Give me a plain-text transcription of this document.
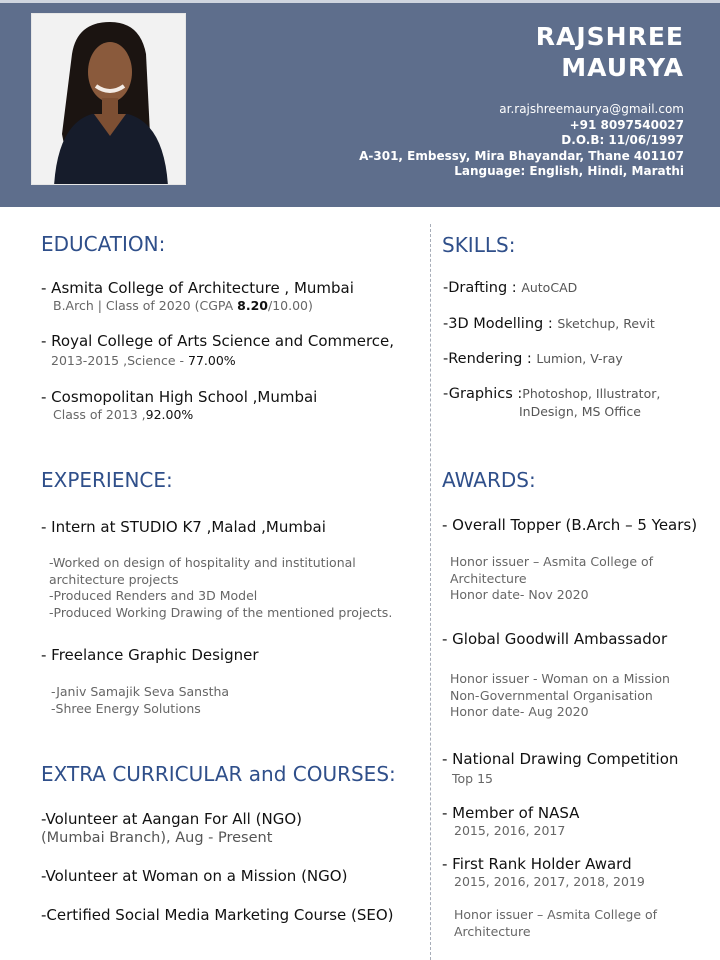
RAJSHREE
MAURYA
ar.rajshreemaurya@gmail.com
+91 8097540027
D.O.B: 11/06/1997
A-301, Embessy, Mira Bhayandar, Thane 401107
Language: English, Hindi, Marathi
EDUCATION:
- Asmita College of Architecture , Mumbai
B.Arch | Class of 2020 (CGPA 8.20/10.00)
- Royal College of Arts Science and Commerce,
2013-2015 ,Science - 77.00%
- Cosmopolitan High School ,Mumbai
Class of 2013 ,92.00%
SKILLS:
-Drafting : AutoCAD
-3D Modelling : Sketchup, Revit
-Rendering : Lumion, V-ray
-Graphics :Photoshop, Illustrator,
InDesign, MS Office
EXPERIENCE:
- Intern at STUDIO K7 ,Malad ,Mumbai
-Worked on design of hospitality and institutional
architecture projects
-Produced Renders and 3D Model
-Produced Working Drawing of the mentioned projects.
- Freelance Graphic Designer
-Janiv Samajik Seva Sanstha
-Shree Energy Solutions
AWARDS:
- Overall Topper (B.Arch – 5 Years)
Honor issuer – Asmita College of
Architecture
Honor date- Nov 2020
- Global Goodwill Ambassador
Honor issuer - Woman on a Mission
Non-Governmental Organisation
Honor date- Aug 2020
- National Drawing Competition
Top 15
- Member of NASA
2015, 2016, 2017
- First Rank Holder Award
2015, 2016, 2017, 2018, 2019
Honor issuer – Asmita College of
Architecture
EXTRA CURRICULAR and COURSES:
-Volunteer at Aangan For All (NGO)
(Mumbai Branch), Aug - Present
-Volunteer at Woman on a Mission (NGO)
-Certified Social Media Marketing Course (SEO)
